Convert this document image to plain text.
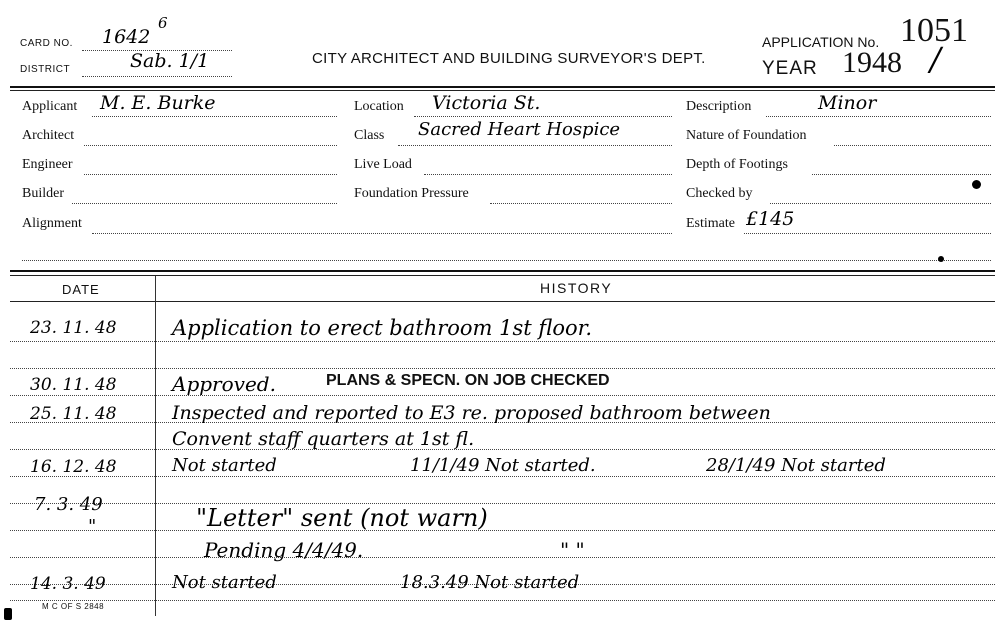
CARD NO. 1642
6
DISTRICT	Sab. 1/1	CITY ARCHITECT AND BUILDING SURVEYOR'S DEPT.
APPLICATION No. 1051
YEAR 1948 /
Applicant M. E. Burke
Architect
Engineer
Builder
Alignment
Location Victoria St.
Class Sacred Heart Hospice
Live Load
Foundation Pressure
Description	Minor
Nature of Foundation
Depth of Footings
Checked by
Estimate £145
DATE	HISTORY
23. 11. 48	Application to erect bathroom 1st floor.
30. 11. 48	Approved.	PLANS & SPECN. ON JOB CHECKED
25. 11. 48	Inspected and reported to E3 re. proposed bathroom between
Convent staff quarters at 1st fl.
16. 12. 48	Not started	11/1/49 Not started.	28/1/49 Not started
7. 3. 49	"Letter" sent (not warn)
"
Pending 4/4/49.	" "
14. 3. 49	Not started	18.3.49 Not started
M C OF S 2848
